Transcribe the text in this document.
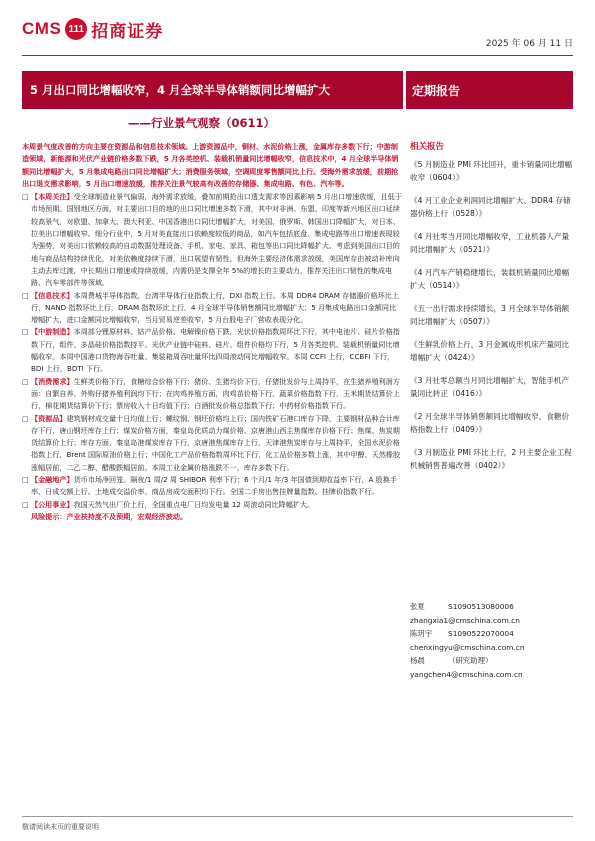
CMS 111 招商证券
2025 年 06 月 11 日
5 月出口同比增幅收窄，4 月全球半导体销额同比增幅扩大	定期报告
——行业景气观察（0611）

本周景气度改善的方向主要在资源品和信息技术领域。上游资源品中，铜材、水泥价格上涨，金属库存多数下行；中游制造领域，新能源和光伏产业链价格多数下跌，5 月各类挖机、装载机销量同比增幅收窄，信息技术中，4 月全球半导体销额同比增幅扩大，5 月集成电路出口同比增幅扩大；消费服务领域，空调周度零售额同比上行。受海外需求放缓，前期抢出口退支需求影响，5 月出口增速放缓，推荐关注景气较高有改善的存储器、集成电路、有色、汽车等。

□ 【本周关注】受全球制造业景气偏弱，海外需求放缓，叠加前期抢出口透支需求等因素影响 5 月出口增速放缓，且低于市场预期。国别地区方面，对主要出口目的地的出口同比增速多数下滑，其中对非洲、东盟、印度等新兴地区出口延续较高景气，对欧盟、加拿大、澳大利亚、中国香港出口同比增幅扩大，对美国、俄罗斯、韩国出口降幅扩大，对日本、拉美出口增幅收窄。细分行业中，5 月对美直接出口依赖度较低的商品，如汽车包括底盘、集成电路等出口增速表现较为强势，对美出口依赖较高的自动数据处理设备、手机、家电、家具、箱包等出口同比降幅扩大。考虑到美国出口目的地与商品结构持续优化，对美依赖度持续下滑，出口展望有韧性，但海外主要经济体需求放缓，美国库存由被动补库向主动去库过渡，中长期出口增速或持续放缓，内需仍是支撑全年 5%的增长的主要动力，推荐关注出口韧性的集成电路、汽车零部件等领域。
□ 【信息技术】本周费城半导体指数、台湾半导体行业指数上行，DXI 指数上行。本周 DDR4 DRAM 存储器价格环比上行，NAND 指数环比上行，DRAM 指数环比上行，4 月全球半导体销售额同比增幅扩大；5 月集成电路出口金额同比增幅扩大，进口金额同比增幅收窄，当月贸易逆差收窄，5 月台股电子厂营收表现分化。
□ 【中游制造】本周部分锂原材料、钴产品价格、电解镍价格下跌，光伏价格指数周环比下行，其中电池片、硅片价格指数下行，组件、多晶硅价格指数持平。光伏产业链中硅料、硅片、组件价格均下行，5 月各类挖机、装载机销量同比增幅收窄。本周中国港口货物海吞吐量、集装箱周吞吐量环比四周滚动同比增幅收窄。本周 CCFI 上行，CCBFI 下行，BDI 上行，BDTI 下行。
□ 【消费需求】生鲜类价格下行，食糖综合价格下行；猪价、生猪均价下行，仔猪批发价与上周持平，在生猪养殖利润方面：自繁自养、外购仔猪养殖利润均下行；在肉鸡养殖方面，肉鸡苗价格下行，蔬菜价格指数下行，玉米期货结算价上行，棉花期货结算价下行；票房收入十日均值下行；白酒批发价格总指数下行；中药材价格指数下行。
□ 【资源品】建筑钢材成交量十日均值上行；螺纹钢、钢坯价格均上行；国内铁矿石港口库存下降，主要钢材品种合计库存下行，唐山钢坯库存上行；煤炭价格方面，秦皇岛优质动力煤价格、京唐港山西主焦煤库存价格下行；焦煤、焦炭期货结算价上行；库存方面，秦皇岛港煤炭库存下行，京唐港焦煤库存上行，天津港焦炭库存与上周持平，全国水泥价格指数上行，Brent 国际原油价格上行；中国化工产品价格指数周环比下行，化工品价格多数上涨，其中甲醇、天然橡胶涨幅居前，二乙二醇、醋酸跌幅居前。本周工业金属价格涨跌不一，库存多数下行。
□ 【金融地产】货币市场净回笼。隔夜/1 周/2 周 SHIBOR 利率下行；6 个月/1 年/3 年国债到期收益率下行，A 股换手率、日成交额上行。土地成交溢价率、商品房成交面积均下行。全国二手房出售挂牌量指数、挂牌价指数下行。
□ 【公用事业】我国天然气出厂价上行，全国重点电厂日均发电量 12 周滚动同比降幅扩大。

风险提示：产业扶持度不及预期，宏观经济波动。

相关报告

《5 月制造业 PMI 环比回升，重卡销量同比增幅收窄（0604）》

《4 月工业企业利润同比增幅扩大、DDR4 存储器价格上行（0528）》

《4 月社零当月同比增幅收窄，工业机器人产量同比增幅扩大（0521）》

《4 月汽车产销稳健增长，装载机销量同比增幅扩大（0514）》

《五一出行需求持续增长，3 月全球半导体销额同比增幅扩大（0507）》

《生鲜乳价格上行，3 月金属成形机床产量同比增幅扩大（0424）》

《3 月社零总额当月同比增幅扩大，智能手机产量同比转正（0416）》

《2 月全球半导体销售额同比增幅收窄，食糖价格指数上行（0409）》

《3 月制造业 PMI 环比上行，2 月主要企业工程机械销售普遍改善（0402）》

张夏	S1090513080006
zhangxia1@cmschina.com.cn
陈玥宇	S1090522070004
chenxingyu@cmschina.com.cn
杨晨	（研究助理）
yangchen4@cmschina.com.cn
敬请阅读末页的重要说明
